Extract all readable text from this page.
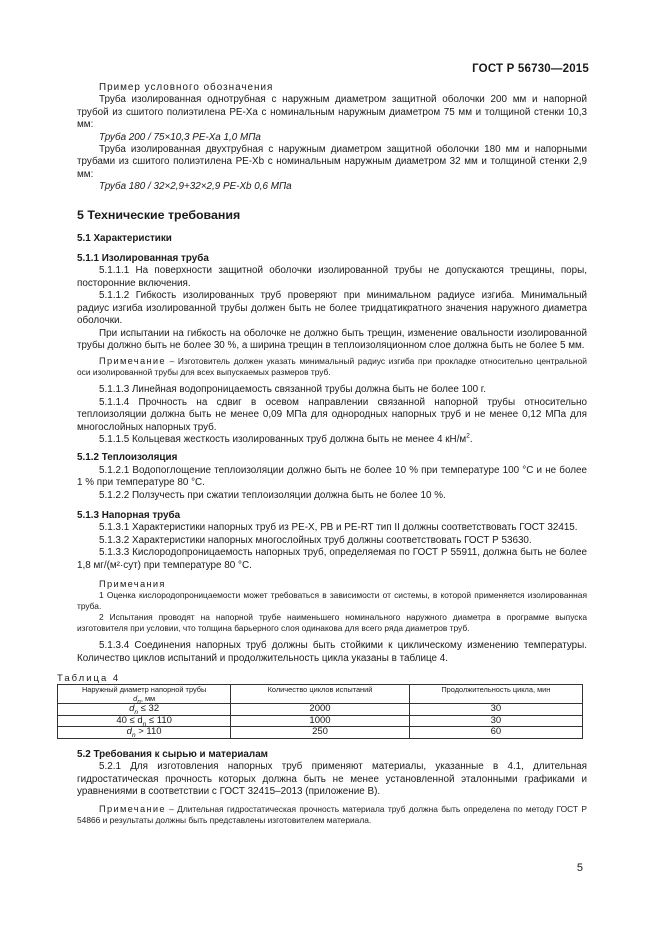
ГОСТ Р 56730—2015

Пример условного обозначения

Труба изолированная однотрубная с наружным диаметром защитной оболочки 200 мм и напорной трубой из сшитого полиэтилена PE-Xa с номинальным наружным диаметром 75 мм и толщиной стенки 10,3 мм:

Труба 200 / 75×10,3 PE-Xa 1,0 МПа

Труба изолированная двухтрубная с наружным диаметром защитной оболочки 180 мм и напорными трубами из сшитого полиэтилена PE-Xb с номинальным наружным диаметром 32 мм и толщиной стенки 2,9 мм:

Труба 180 / 32×2,9+32×2,9 PE-Xb 0,6 МПа

5 Технические требования
5.1 Характеристики
5.1.1 Изолированная труба

5.1.1.1 На поверхности защитной оболочки изолированной трубы не допускаются трещины, поры, посторонние включения.

5.1.1.2 Гибкость изолированных труб проверяют при минимальном радиусе изгиба. Минимальный радиус изгиба изолированной трубы должен быть не более тридцатикратного значения наружного диаметра оболочки.

При испытании на гибкость на оболочке не должно быть трещин, изменение овальности изолированной трубы должно быть не более 30 %, а ширина трещин в теплоизоляционном слое должна быть не более 5 мм.

Примечание – Изготовитель должен указать минимальный радиус изгиба при прокладке относительно центральной оси изолированной трубы для всех выпускаемых размеров труб.

5.1.1.3 Линейная водопроницаемость связанной трубы должна быть не более 100 г.

5.1.1.4 Прочность на сдвиг в осевом направлении связанной напорной трубы относительно теплоизоляции должна быть не менее 0,09 МПа для однородных напорных труб и не менее 0,12 МПа для многослойных напорных труб.

5.1.1.5 Кольцевая жесткость изолированных труб должна быть не менее 4 $кН/м^2$.

5.1.2 Теплоизоляция

5.1.2.1 Водопоглощение теплоизоляции должно быть не более 10 % при температуре 100 °С и не более 1 % при температуре 80 °С.

5.1.2.2 Ползучесть при сжатии теплоизоляции должна быть не более 10 %.

5.1.3 Напорная труба

5.1.3.1 Характеристики напорных труб из PE-X, PB и PE-RT тип II должны соответствовать ГОСТ 32415.

5.1.3.2 Характеристики напорных многослойных труб должны соответствовать ГОСТ Р 53630.

5.1.3.3 Кислородопроницаемость напорных труб, определяемая по ГОСТ Р 55911, должна быть не более 1,8 мг/(м²·сут) при температуре 80 °С.

Примечания

1 Оценка кислородопроницаемости может требоваться в зависимости от системы, в которой применяется изолированная труба.

2 Испытания проводят на напорной трубе наименьшего номинального наружного диаметра в программе выпуска изготовителя при условии, что толщина барьерного слоя одинакова для всего ряда диаметров труб.

5.1.3.4 Соединения напорных труб должны быть стойкими к циклическому изменению температуры. Количество циклов испытаний и продолжительность цикла указаны в таблице 4.

Таблица 4
Наружный диаметр напорной трубы
$d_n$, мм	Количество циклов испытаний	Продолжительность цикла, мин
$d_n \le 32$	2000	30
$40 \le d_n \le 110$	1000	30
$d_n > 110$	250	60
5.2 Требования к сырью и материалам

5.2.1 Для изготовления напорных труб применяют материалы, указанные в 4.1, длительная гидростатическая прочность которых должна быть не менее установленной эталонными графиками и уравнениями в соответствии с ГОСТ 32415–2013 (приложение В).

Примечание – Длительная гидростатическая прочность материала труб должна быть определена по методу ГОСТ Р 54866 и результаты должны быть представлены изготовителем материала.

5
